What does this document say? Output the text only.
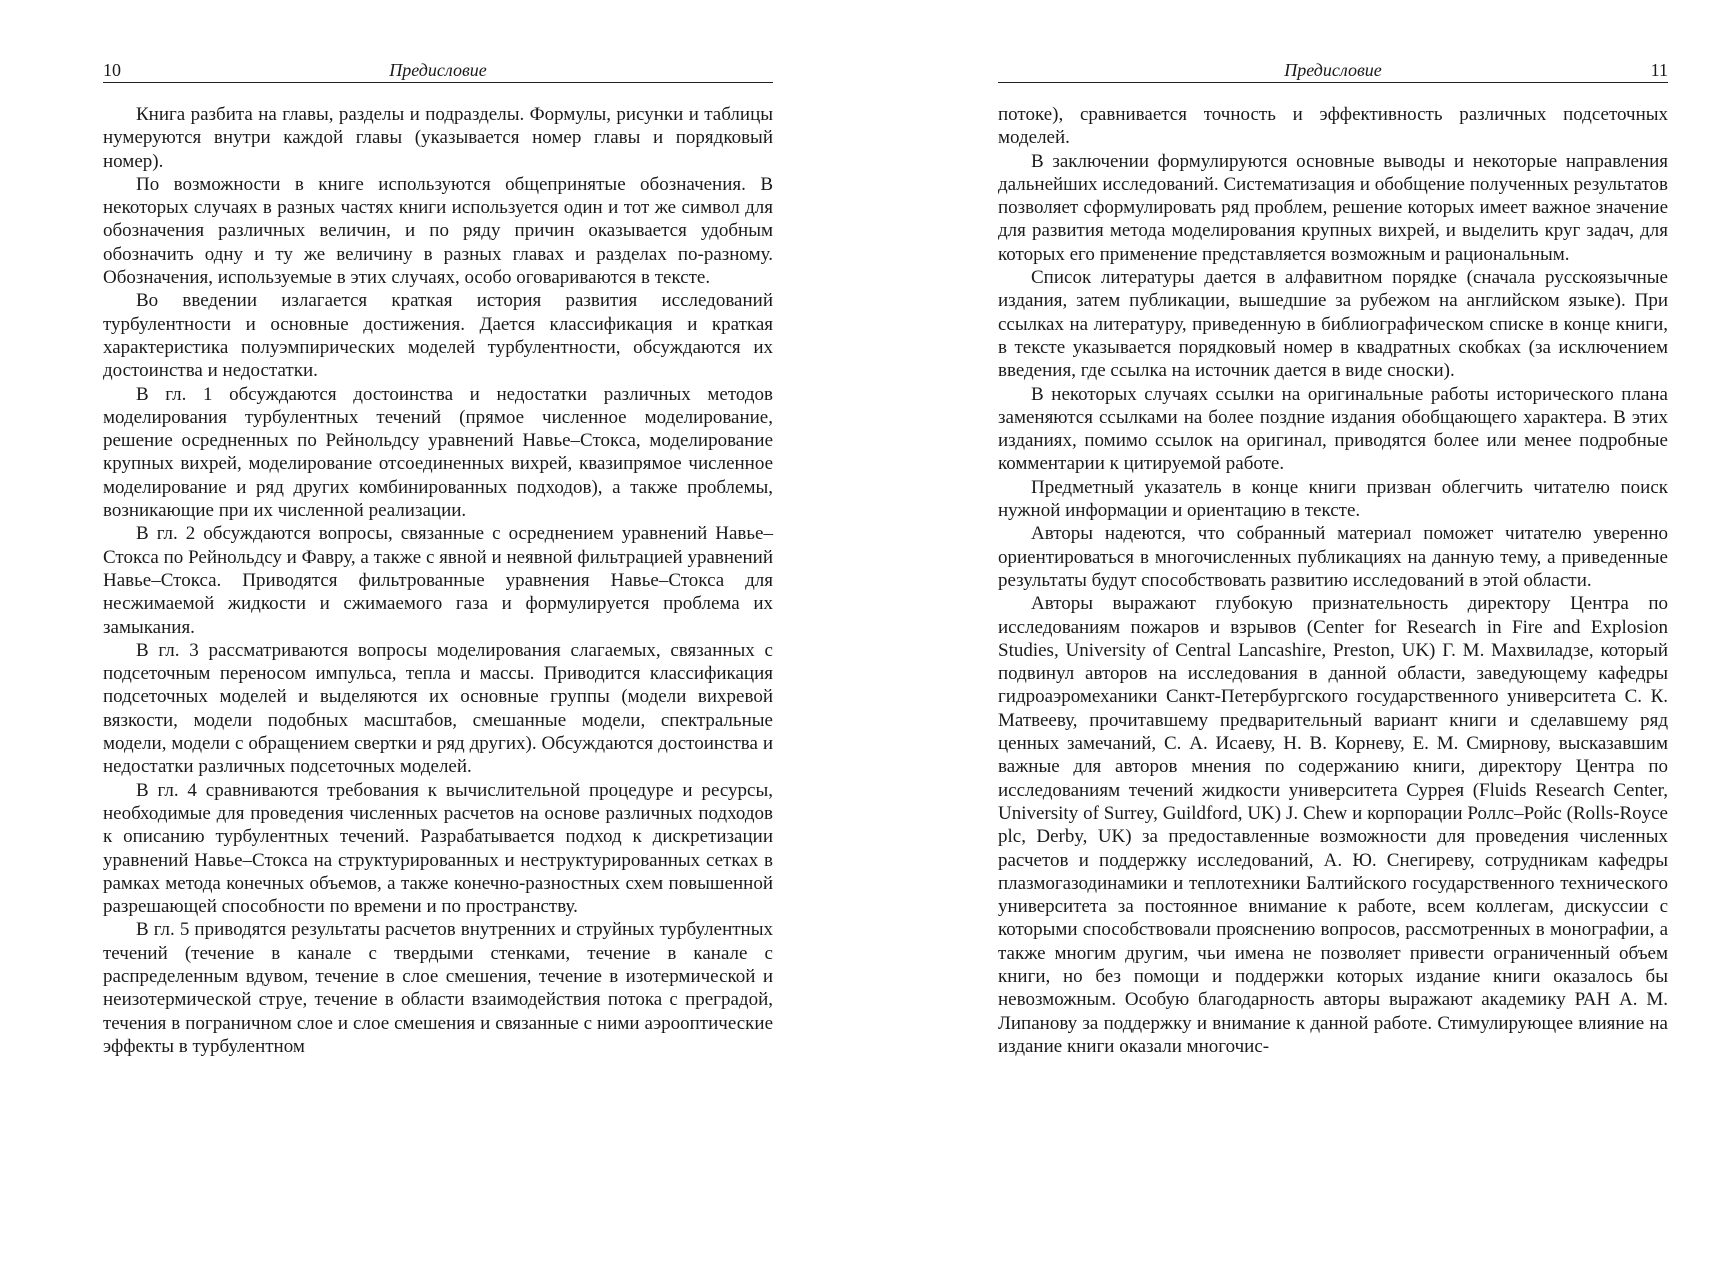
10	Предисловие

Книга разбита на главы, разделы и подразделы. Формулы, рисунки и таблицы нумеруются внутри каждой главы (указывается номер главы и порядковый номер).

По возможности в книге используются общепринятые обозначения. В некоторых случаях в разных частях книги используется один и тот же символ для обозначения различных величин, и по ряду причин оказывается удобным обозначить одну и ту же величину в разных главах и разделах по-разному. Обозначения, используемые в этих случаях, особо оговариваются в тексте.

Во введении излагается краткая история развития исследований турбулентности и основные достижения. Дается классификация и краткая характеристика полуэмпирических моделей турбулентности, обсуждаются их достоинства и недостатки.

В гл. 1 обсуждаются достоинства и недостатки различных методов моделирования турбулентных течений (прямое численное моделирование, решение осредненных по Рейнольдсу уравнений Навье–Стокса, моделирование крупных вихрей, моделирование отсоединенных вихрей, квазипрямое численное моделирование и ряд других комбинированных подходов), а также проблемы, возникающие при их численной реализации.

В гл. 2 обсуждаются вопросы, связанные с осреднением уравнений Навье–Стокса по Рейнольдсу и Фавру, а также с явной и неявной фильтрацией уравнений Навье–Стокса. Приводятся фильтрованные уравнения Навье–Стокса для несжимаемой жидкости и сжимаемого газа и формулируется проблема их замыкания.

В гл. 3 рассматриваются вопросы моделирования слагаемых, связанных с подсеточным переносом импульса, тепла и массы. Приводится классификация подсеточных моделей и выделяются их основные группы (модели вихревой вязкости, модели подобных масштабов, смешанные модели, спектральные модели, модели с обращением свертки и ряд других). Обсуждаются достоинства и недостатки различных подсеточных моделей.

В гл. 4 сравниваются требования к вычислительной процедуре и ресурсы, необходимые для проведения численных расчетов на основе различных подходов к описанию турбулентных течений. Разрабатывается подход к дискретизации уравнений Навье–Стокса на структурированных и неструктурированных сетках в рамках метода конечных объемов, а также конечно-разностных схем повышенной разрешающей способности по времени и по пространству.

В гл. 5 приводятся результаты расчетов внутренних и струйных турбулентных течений (течение в канале с твердыми стенками, течение в канале с распределенным вдувом, течение в слое смешения, течение в изотермической и неизотермической струе, течение в области взаимодействия потока с преградой, течения в пограничном слое и слое смешения и связанные с ними аэрооптические эффекты в турбулентном

Предисловие	11

потоке), сравнивается точность и эффективность различных подсеточных моделей.

В заключении формулируются основные выводы и некоторые направления дальнейших исследований. Систематизация и обобщение полученных результатов позволяет сформулировать ряд проблем, решение которых имеет важное значение для развития метода моделирования крупных вихрей, и выделить круг задач, для которых его применение представляется возможным и рациональным.

Список литературы дается в алфавитном порядке (сначала русскоязычные издания, затем публикации, вышедшие за рубежом на английском языке). При ссылках на литературу, приведенную в библиографическом списке в конце книги, в тексте указывается порядковый номер в квадратных скобках (за исключением введения, где ссылка на источник дается в виде сноски).

В некоторых случаях ссылки на оригинальные работы исторического плана заменяются ссылками на более поздние издания обобщающего характера. В этих изданиях, помимо ссылок на оригинал, приводятся более или менее подробные комментарии к цитируемой работе.

Предметный указатель в конце книги призван облегчить читателю поиск нужной информации и ориентацию в тексте.

Авторы надеются, что собранный материал поможет читателю уверенно ориентироваться в многочисленных публикациях на данную тему, а приведенные результаты будут способствовать развитию исследований в этой области.

Авторы выражают глубокую признательность директору Центра по исследованиям пожаров и взрывов (Center for Research in Fire and Explosion Studies, University of Central Lancashire, Preston, UK) Г. М. Махвиладзе, который подвинул авторов на исследования в данной области, заведующему кафедры гидроаэромеханики Санкт-Петербургского государственного университета С. К. Матвееву, прочитавшему предварительный вариант книги и сделавшему ряд ценных замечаний, С. А. Исаеву, Н. В. Корневу, Е. М. Смирнову, высказавшим важные для авторов мнения по содержанию книги, директору Центра по исследованиям течений жидкости университета Суррея (Fluids Research Center, University of Surrey, Guildford, UK) J. Chew и корпорации Роллс–Ройс (Rolls-Royce plc, Derby, UK) за предоставленные возможности для проведения численных расчетов и поддержку исследований, А. Ю. Снегиреву, сотрудникам кафедры плазмогазодинамики и теплотехники Балтийского государственного технического университета за постоянное внимание к работе, всем коллегам, дискуссии с которыми способствовали прояснению вопросов, рассмотренных в монографии, а также многим другим, чьи имена не позволяет привести ограниченный объем книги, но без помощи и поддержки которых издание книги оказалось бы невозможным. Особую благодарность авторы выражают академику РАН А. М. Липанову за поддержку и внимание к данной работе. Стимулирующее влияние на издание книги оказали многочис-
